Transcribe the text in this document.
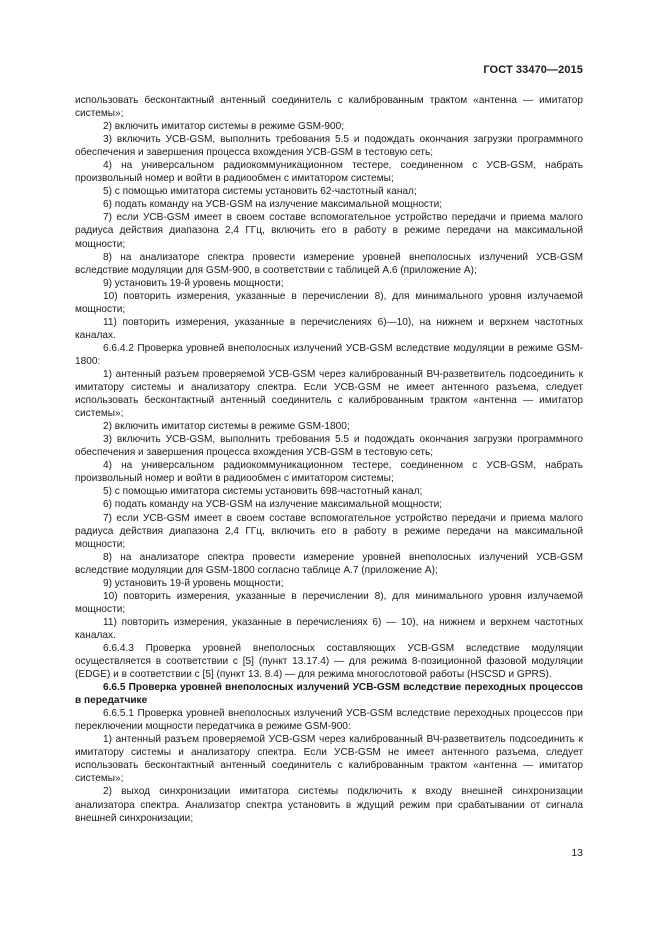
ГОСТ 33470—2015

использовать бесконтактный антенный соединитель с калиброванным трактом «антенна — имитатор системы»;

2) включить имитатор системы в режиме GSM-900;

3) включить УСВ-GSM, выполнить требования 5.5 и подождать окончания загрузки программного обеспечения и завершения процесса вхождения УСВ-GSM в тестовую сеть;

4) на универсальном радиокоммуникационном тестере, соединенном с УСВ-GSM, набрать произвольный номер и войти в радиообмен с имитатором системы;

5) с помощью имитатора системы установить 62-частотный канал;

6) подать команду на УСВ-GSM на излучение максимальной мощности;

7) если УСВ-GSM имеет в своем составе вспомогательное устройство передачи и приема малого радиуса действия диапазона 2,4 ГГц, включить его в работу в режиме передачи на максимальной мощности;

8) на анализаторе спектра провести измерение уровней внеполосных излучений УСВ-GSM вследствие модуляции для GSM-900, в соответствии с таблицей А.6 (приложение А);

9) установить 19-й уровень мощности;

10) повторить измерения, указанные в перечислении 8), для минимального уровня излучаемой мощности;

11) повторить измерения, указанные в перечислениях 6)—10), на нижнем и верхнем частотных каналах.

6.6.4.2 Проверка уровней внеполосных излучений УСВ-GSM вследствие модуляции в режиме GSM-1800:

1) антенный разъем проверяемой УСВ-GSM через калиброванный ВЧ-разветвитель подсоединить к имитатору системы и анализатору спектра. Если УСВ-GSM не имеет антенного разъема, следует использовать бесконтактный антенный соединитель с калиброванным трактом «антенна — имитатор системы»;

2) включить имитатор системы в режиме GSM-1800;

3) включить УСВ-GSM, выполнить требования 5.5 и подождать окончания загрузки программного обеспечения и завершения процесса вхождения УСВ-GSM в тестовую сеть;

4) на универсальном радиокоммуникационном тестере, соединенном с УСВ-GSM, набрать произвольный номер и войти в радиообмен с имитатором системы;

5) с помощью имитатора системы установить 698-частотный канал;

6) подать команду на УСВ-GSM на излучение максимальной мощности;

7) если УСВ-GSM имеет в своем составе вспомогательное устройство передачи и приема малого радиуса действия диапазона 2,4 ГГц, включить его в работу в режиме передачи на максимальной мощности;

8) на анализаторе спектра провести измерение уровней внеполосных излучений УСВ-GSM вследствие модуляции для GSM-1800 согласно таблице А.7 (приложение А);

9) установить 19-й уровень мощности;

10) повторить измерения, указанные в перечислении 8), для минимального уровня излучаемой мощности;

11) повторить измерения, указанные в перечислениях 6) — 10), на нижнем и верхнем частотных каналах.

6.6.4.3 Проверка уровней внеполосных составляющих УСВ-GSM вследствие модуляции осуществляется в соответствии с [5] (пункт 13.17.4) — для режима 8-позиционной фазовой модуляции (EDGE) и в соответствии с [5] (пункт 13. 8.4) — для режима многослотовой работы (HSCSD и GPRS).

6.6.5 Проверка уровней внеполосных излучений УСВ-GSM вследствие переходных процессов в передатчике

6.6.5.1 Проверка уровней внеполосных излучений УСВ-GSM вследствие переходных процессов при переключении мощности передатчика в режиме GSM-900:

1) антенный разъем проверяемой УСВ-GSM через калиброванный ВЧ-разветвитель подсоединить к имитатору системы и анализатору спектра. Если УСВ-GSM не имеет антенного разъема, следует использовать бесконтактный антенный соединитель с калиброванным трактом «антенна — имитатор системы»;

2) выход синхронизации имитатора системы подключить к входу внешней синхронизации анализатора спектра. Анализатор спектра установить в ждущий режим при срабатывании от сигнала внешней синхронизации;

13
